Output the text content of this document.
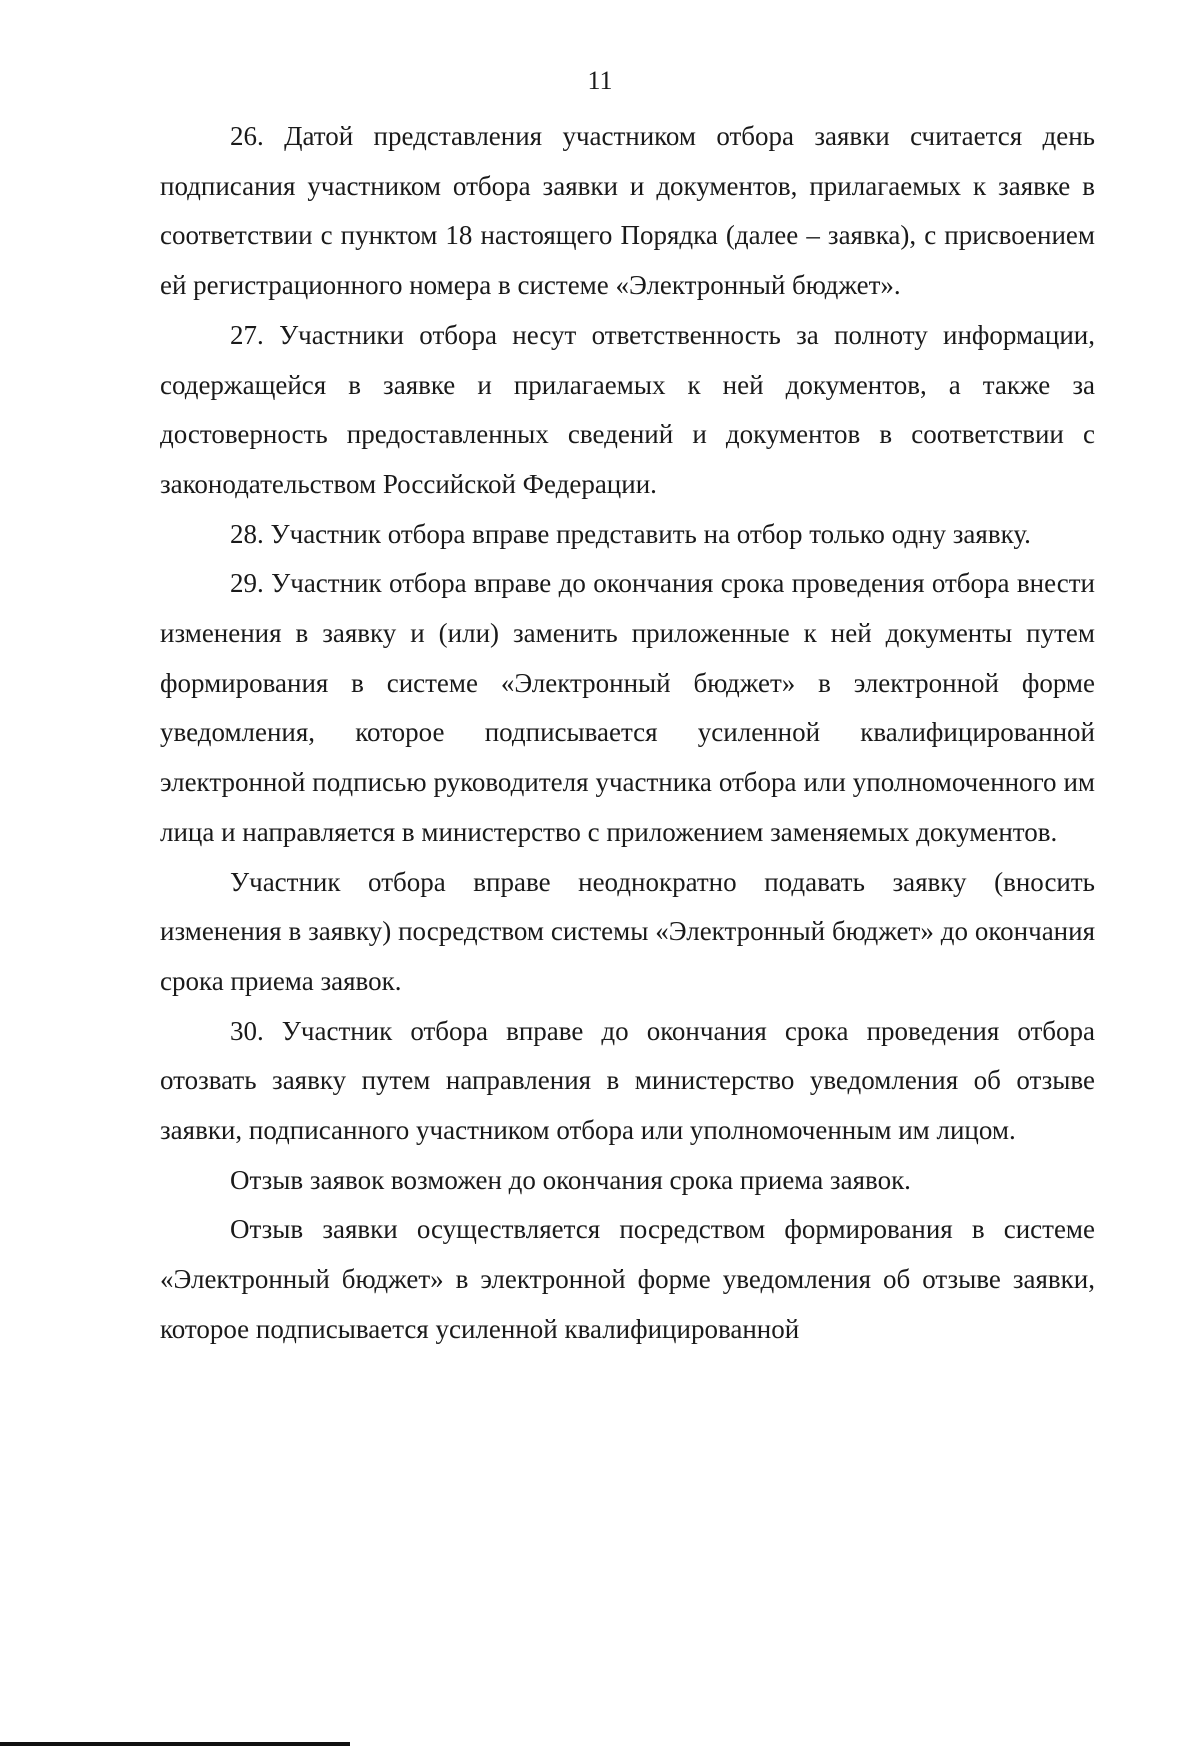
11

26. Датой представления участником отбора заявки считается день подписания участником отбора заявки и документов, прилагаемых к заявке в соответствии с пунктом 18 настоящего Порядка (далее – заявка), с присвоением ей регистрационного номера в системе «Электронный бюджет».

27. Участники отбора несут ответственность за полноту информации, содержащейся в заявке и прилагаемых к ней документов, а также за достоверность предоставленных сведений и документов в соответствии с законодательством Российской Федерации.

28. Участник отбора вправе представить на отбор только одну заявку.

29. Участник отбора вправе до окончания срока проведения отбора внести изменения в заявку и (или) заменить приложенные к ней документы путем формирования в системе «Электронный бюджет» в электронной форме уведомления, которое подписывается усиленной квалифицированной электронной подписью руководителя участника отбора или уполномоченного им лица и направляется в министерство с приложением заменяемых документов.

Участник отбора вправе неоднократно подавать заявку (вносить изменения в заявку) посредством системы «Электронный бюджет» до окончания срока приема заявок.

30. Участник отбора вправе до окончания срока проведения отбора отозвать заявку путем направления в министерство уведомления об отзыве заявки, подписанного участником отбора или уполномоченным им лицом.

Отзыв заявок возможен до окончания срока приема заявок.

Отзыв заявки осуществляется посредством формирования в системе «Электронный бюджет» в электронной форме уведомления об отзыве заявки, которое подписывается усиленной квалифицированной
